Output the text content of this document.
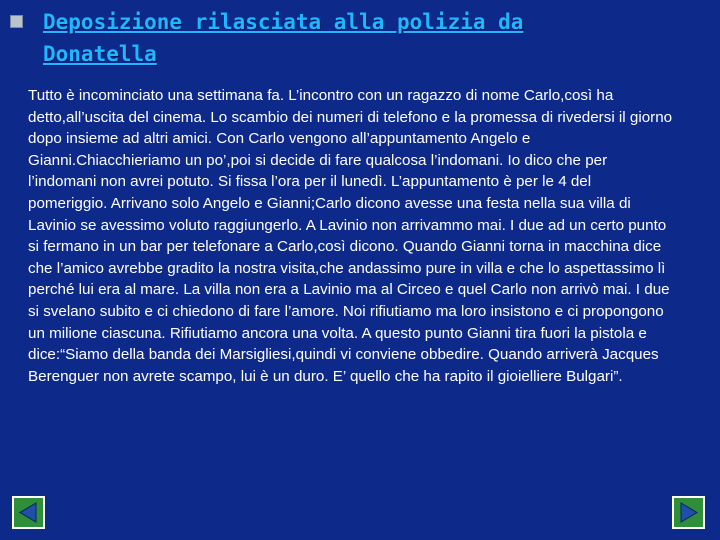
Deposizione rilasciata alla polizia da
Donatella

Tutto è incominciato una settimana fa. L’incontro con un ragazzo di nome Carlo,così ha detto,all’uscita del cinema. Lo scambio dei numeri di telefono e la promessa di rivedersi il giorno dopo insieme ad altri amici. Con Carlo vengono all’appuntamento Angelo e Gianni.Chiacchieriamo un po’,poi si decide di fare qualcosa l’indomani. Io dico che per l’indomani non avrei potuto. Si fissa l’ora per il lunedì. L’appuntamento è per le 4 del pomeriggio. Arrivano solo Angelo e Gianni;Carlo dicono avesse una festa nella sua villa di Lavinio se avessimo voluto raggiungerlo. A Lavinio non arrivammo mai. I due ad un certo punto si fermano in un bar per telefonare a Carlo,così dicono. Quando Gianni torna in macchina dice che l’amico avrebbe gradito la nostra visita,che andassimo pure in villa e che lo aspettassimo lì perché lui era al mare. La villa non era a Lavinio ma al Circeo e quel Carlo non arrivò mai. I due si svelano subito e ci chiedono di fare l’amore. Noi rifiutiamo ma loro insistono e ci propongono un milione ciascuna. Rifiutiamo ancora una volta. A questo punto Gianni tira fuori la pistola e dice:“Siamo della banda dei Marsigliesi,quindi vi conviene obbedire. Quando arriverà Jacques Berenguer non avrete scampo, lui è un duro. E’ quello che ha rapito il gioielliere Bulgari”.
